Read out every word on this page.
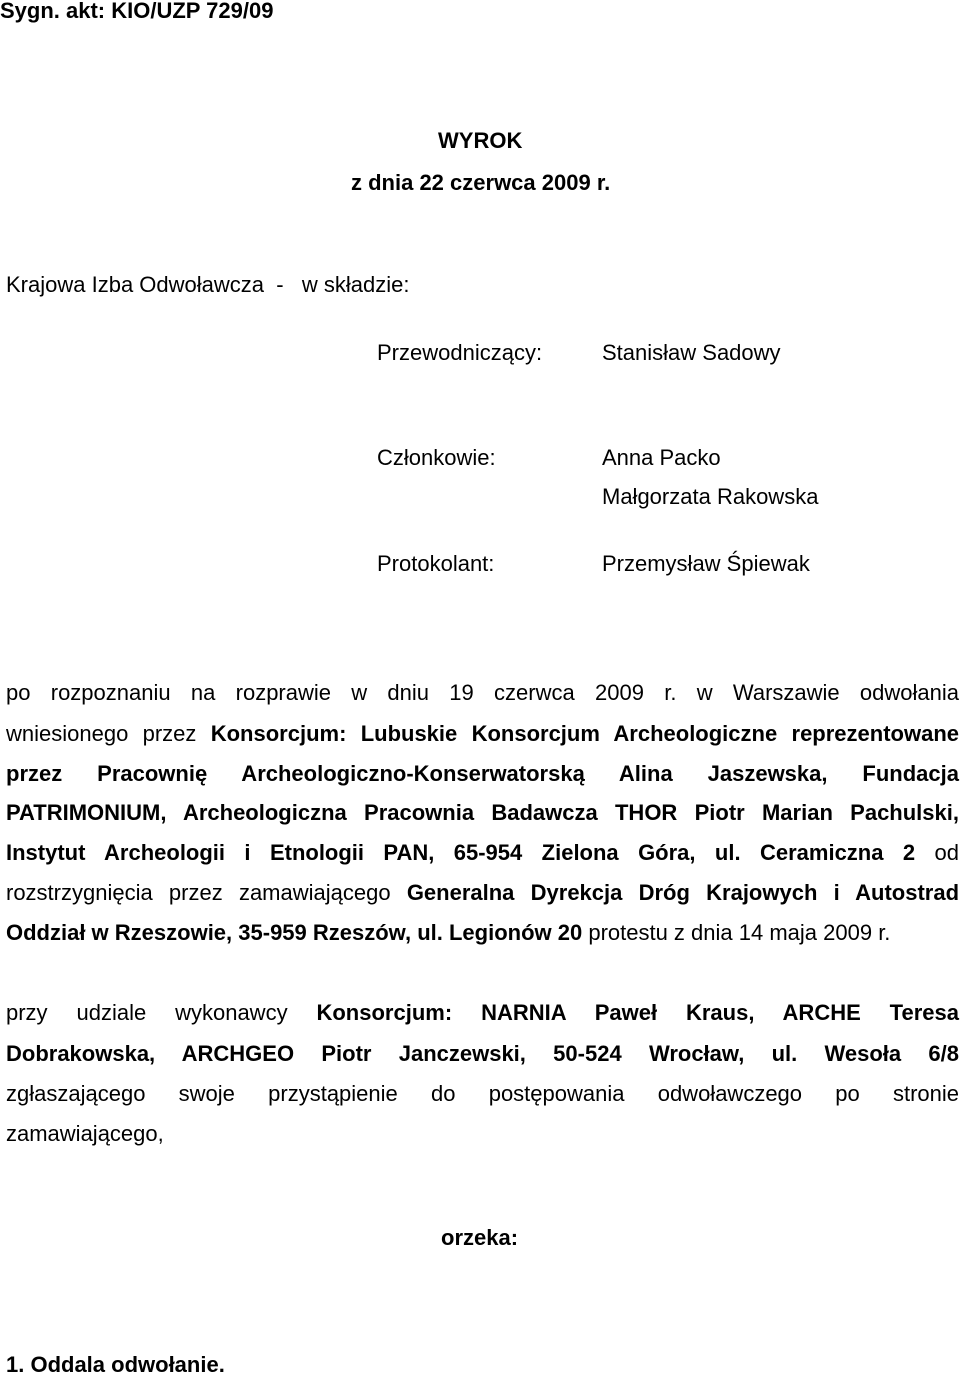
Sygn. akt: KIO/UZP 729/09
WYROK
z dnia 22 czerwca 2009 r.
Krajowa Izba Odwoławcza  -   w składzie:
Przewodniczący:	Stanisław Sadowy
Członkowie:	Anna Packo
Małgorzata Rakowska
Protokolant:	Przemysław Śpiewak
po rozpoznaniu na rozprawie w dniu 19 czerwca 2009 r. w Warszawie odwołania
wniesionego przez Konsorcjum: Lubuskie Konsorcjum Archeologiczne reprezentowane
przez Pracownię Archeologiczno-Konserwatorską Alina Jaszewska, Fundacja
PATRIMONIUM, Archeologiczna Pracownia Badawcza THOR Piotr Marian Pachulski,
Instytut Archeologii i Etnologii PAN, 65-954 Zielona Góra, ul. Ceramiczna 2 od
rozstrzygnięcia przez zamawiającego Generalna Dyrekcja Dróg Krajowych i Autostrad
Oddział w Rzeszowie, 35-959 Rzeszów, ul. Legionów 20 protestu z dnia 14 maja 2009 r.
przy udziale wykonawcy Konsorcjum: NARNIA Paweł Kraus, ARCHE Teresa
Dobrakowska, ARCHGEO Piotr Janczewski, 50-524 Wrocław, ul. Wesoła 6/8
zgłaszającego swoje przystąpienie do postępowania odwoławczego po stronie
zamawiającego,
orzeka:
1. Oddala odwołanie.
